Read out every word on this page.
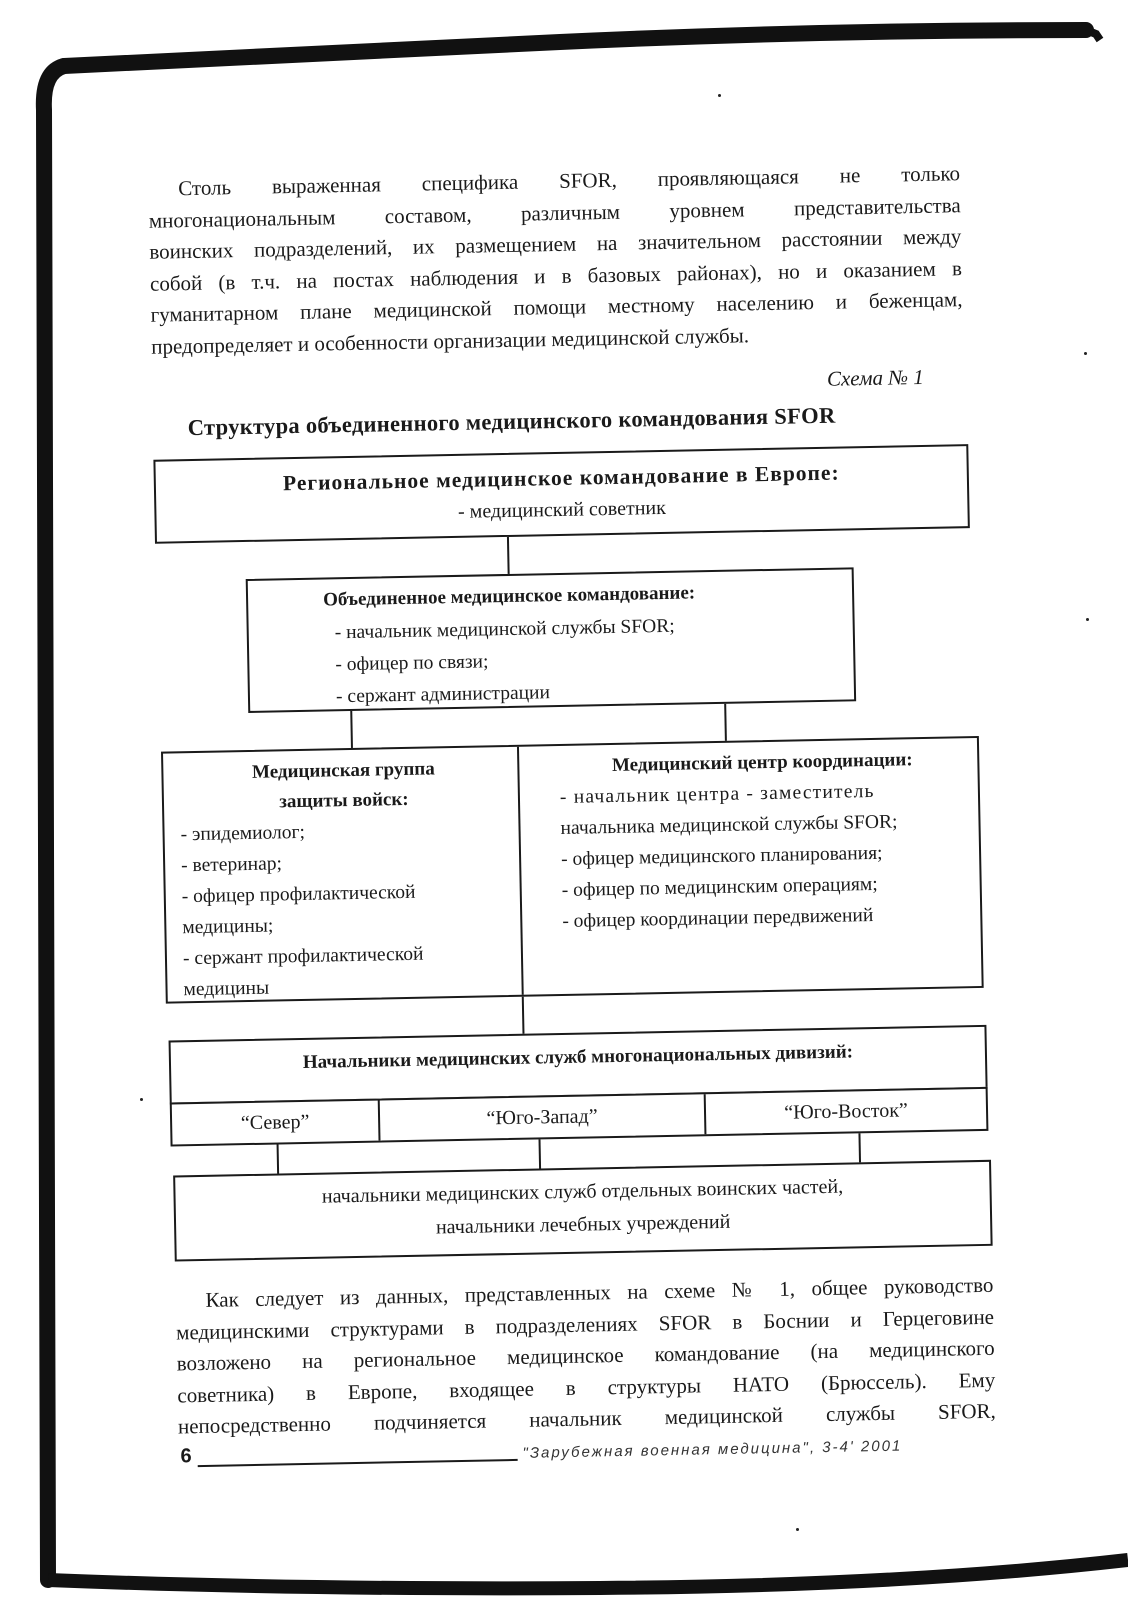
Столь выраженная специфика SFOR, проявляющаяся не только
многонациональным составом, различным уровнем представительства
воинских подразделений, их размещением на значительном расстоянии между
собой (в т.ч. на постах наблюдения и в базовых районах), но и оказанием в
гуманитарном плане медицинской помощи местному населению и беженцам,
предопределяет и особенности организации медицинской службы.
Схема № 1
Структура объединенного медицинского командования SFOR
Региональное медицинское командование в Европе:
- медицинский советник
Объединенное медицинское командование:
- начальник медицинской службы SFOR;
- офицер по связи;
- сержант администрации
Медицинская группа
защиты войск:
- эпидемиолог;
- ветеринар;
- офицер профилактической
медицины;
- сержант профилактической
медицины
Медицинский центр координации:
- начальник центра - заместитель
начальника медицинской службы SFOR;
- офицер медицинского планирования;
- офицер по медицинским операциям;
- офицер координации передвижений
Начальники медицинских служб многонациональных дивизий:
“Север”	“Юго-Запад”	“Юго-Восток”
начальники медицинских служб отдельных воинских частей,
начальники лечебных учреждений
Как следует из данных, представленных на схеме № 1, общее руководство
медицинскими структурами в подразделениях SFOR в Боснии и Герцеговине
возложено на региональное медицинское командование (на медицинского
советника) в Европе, входящее в структуры НАТО (Брюссель). Ему
непосредственно подчиняется начальник медицинской службы SFOR,
6	"Зарубежная военная медицина", 3-4' 2001
